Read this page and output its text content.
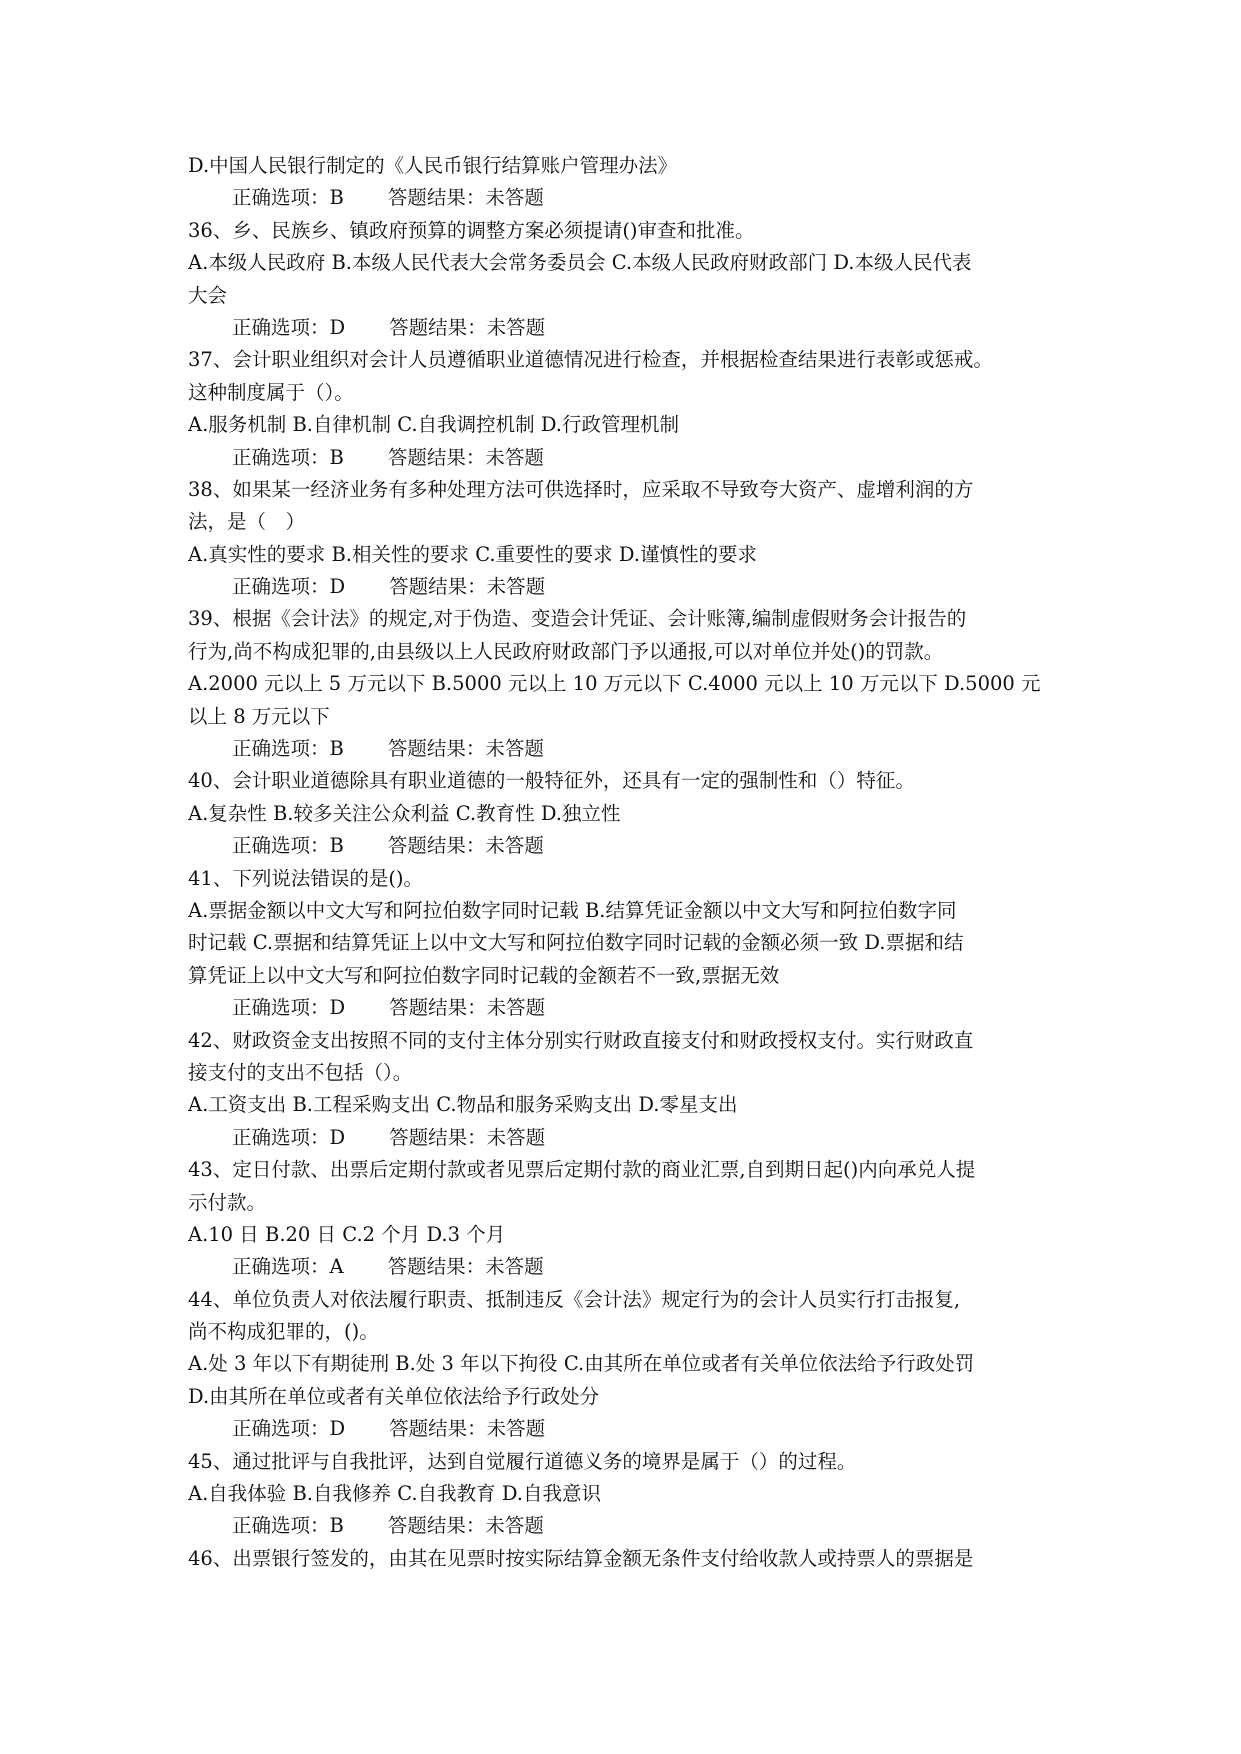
D.中国人民银行制定的《人民币银行结算账户管理办法》
正确选项：B 答题结果：未答题
36、乡、民族乡、镇政府预算的调整方案必须提请()审查和批准。
A.本级人民政府 B.本级人民代表大会常务委员会 C.本级人民政府财政部门 D.本级人民代表
大会
正确选项：D 答题结果：未答题
37、会计职业组织对会计人员遵循职业道德情况进行检查，并根据检查结果进行表彰或惩戒。
这种制度属于（）。
A.服务机制 B.自律机制 C.自我调控机制 D.行政管理机制
正确选项：B 答题结果：未答题
38、如果某一经济业务有多种处理方法可供选择时，应采取不导致夸大资产、虚增利润的方
法，是（　）
A.真实性的要求 B.相关性的要求 C.重要性的要求 D.谨慎性的要求
正确选项：D 答题结果：未答题
39、根据《会计法》的规定,对于伪造、变造会计凭证、会计账簿,编制虚假财务会计报告的
行为,尚不构成犯罪的,由县级以上人民政府财政部门予以通报,可以对单位并处()的罚款。
A.2000 元以上 5 万元以下 B.5000 元以上 10 万元以下 C.4000 元以上 10 万元以下 D.5000 元
以上 8 万元以下
正确选项：B 答题结果：未答题
40、会计职业道德除具有职业道德的一般特征外，还具有一定的强制性和（）特征。
A.复杂性 B.较多关注公众利益 C.教育性 D.独立性
正确选项：B 答题结果：未答题
41、下列说法错误的是()。
A.票据金额以中文大写和阿拉伯数字同时记载 B.结算凭证金额以中文大写和阿拉伯数字同
时记载 C.票据和结算凭证上以中文大写和阿拉伯数字同时记载的金额必须一致 D.票据和结
算凭证上以中文大写和阿拉伯数字同时记载的金额若不一致,票据无效
正确选项：D 答题结果：未答题
42、财政资金支出按照不同的支付主体分别实行财政直接支付和财政授权支付。实行财政直
接支付的支出不包括（）。
A.工资支出 B.工程采购支出 C.物品和服务采购支出 D.零星支出
正确选项：D 答题结果：未答题
43、定日付款、出票后定期付款或者见票后定期付款的商业汇票,自到期日起()内向承兑人提
示付款。
A.10 日 B.20 日 C.2 个月 D.3 个月
正确选项：A 答题结果：未答题
44、单位负责人对依法履行职责、抵制违反《会计法》规定行为的会计人员实行打击报复,
尚不构成犯罪的，()。
A.处 3 年以下有期徒刑 B.处 3 年以下拘役 C.由其所在单位或者有关单位依法给予行政处罚
D.由其所在单位或者有关单位依法给予行政处分
正确选项：D 答题结果：未答题
45、通过批评与自我批评，达到自觉履行道德义务的境界是属于（）的过程。
A.自我体验 B.自我修养 C.自我教育 D.自我意识
正确选项：B 答题结果：未答题
46、出票银行签发的，由其在见票时按实际结算金额无条件支付给收款人或持票人的票据是
